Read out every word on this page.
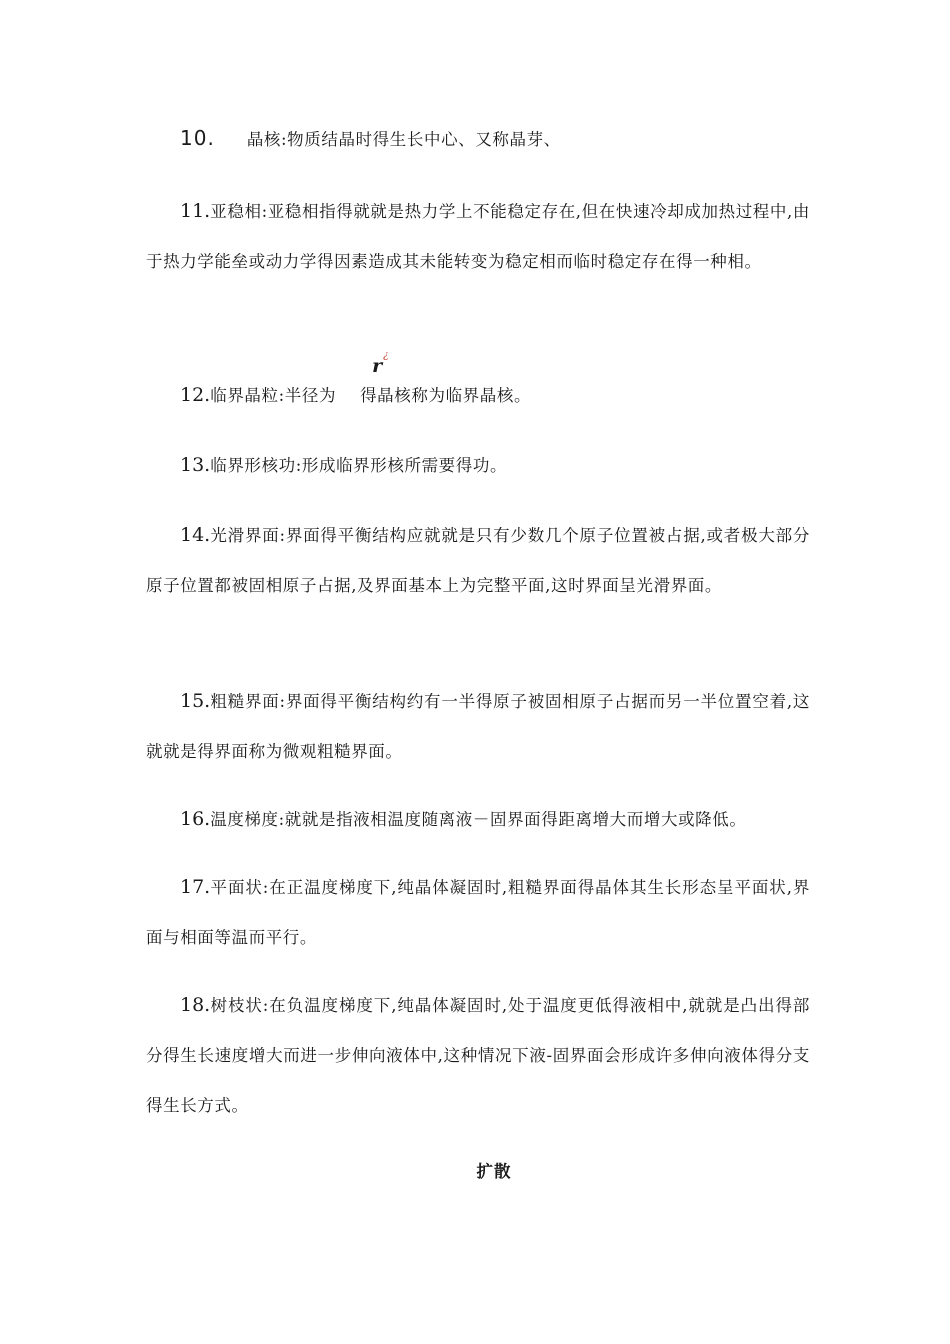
10. 晶核:物质结晶时得生长中心、又称晶芽、
11.亚稳相:亚稳相指得就就是热力学上不能稳定存在,但在快速冷却成加热过程中,由于热力学能垒或动力学得因素造成其未能转变为稳定相而临时稳定存在得一种相。
12.临界晶粒:半径为
r ¿
得晶核称为临界晶核。
13.临界形核功:形成临界形核所需要得功。
14.光滑界面:界面得平衡结构应就就是只有少数几个原子位置被占据,或者极大部分原子位置都被固相原子占据,及界面基本上为完整平面,这时界面呈光滑界面。
15.粗糙界面:界面得平衡结构约有一半得原子被固相原子占据而另一半位置空着,这就就是得界面称为微观粗糙界面。
16.温度梯度:就就是指液相温度随离液－固界面得距离增大而增大或降低。
17.平面状:在正温度梯度下,纯晶体凝固时,粗糙界面得晶体其生长形态呈平面状,界面与相面等温而平行。
18.树枝状:在负温度梯度下,纯晶体凝固时,处于温度更低得液相中,就就是凸出得部分得生长速度增大而进一步伸向液体中,这种情况下液-固界面会形成许多伸向液体得分支得生长方式。
扩散
